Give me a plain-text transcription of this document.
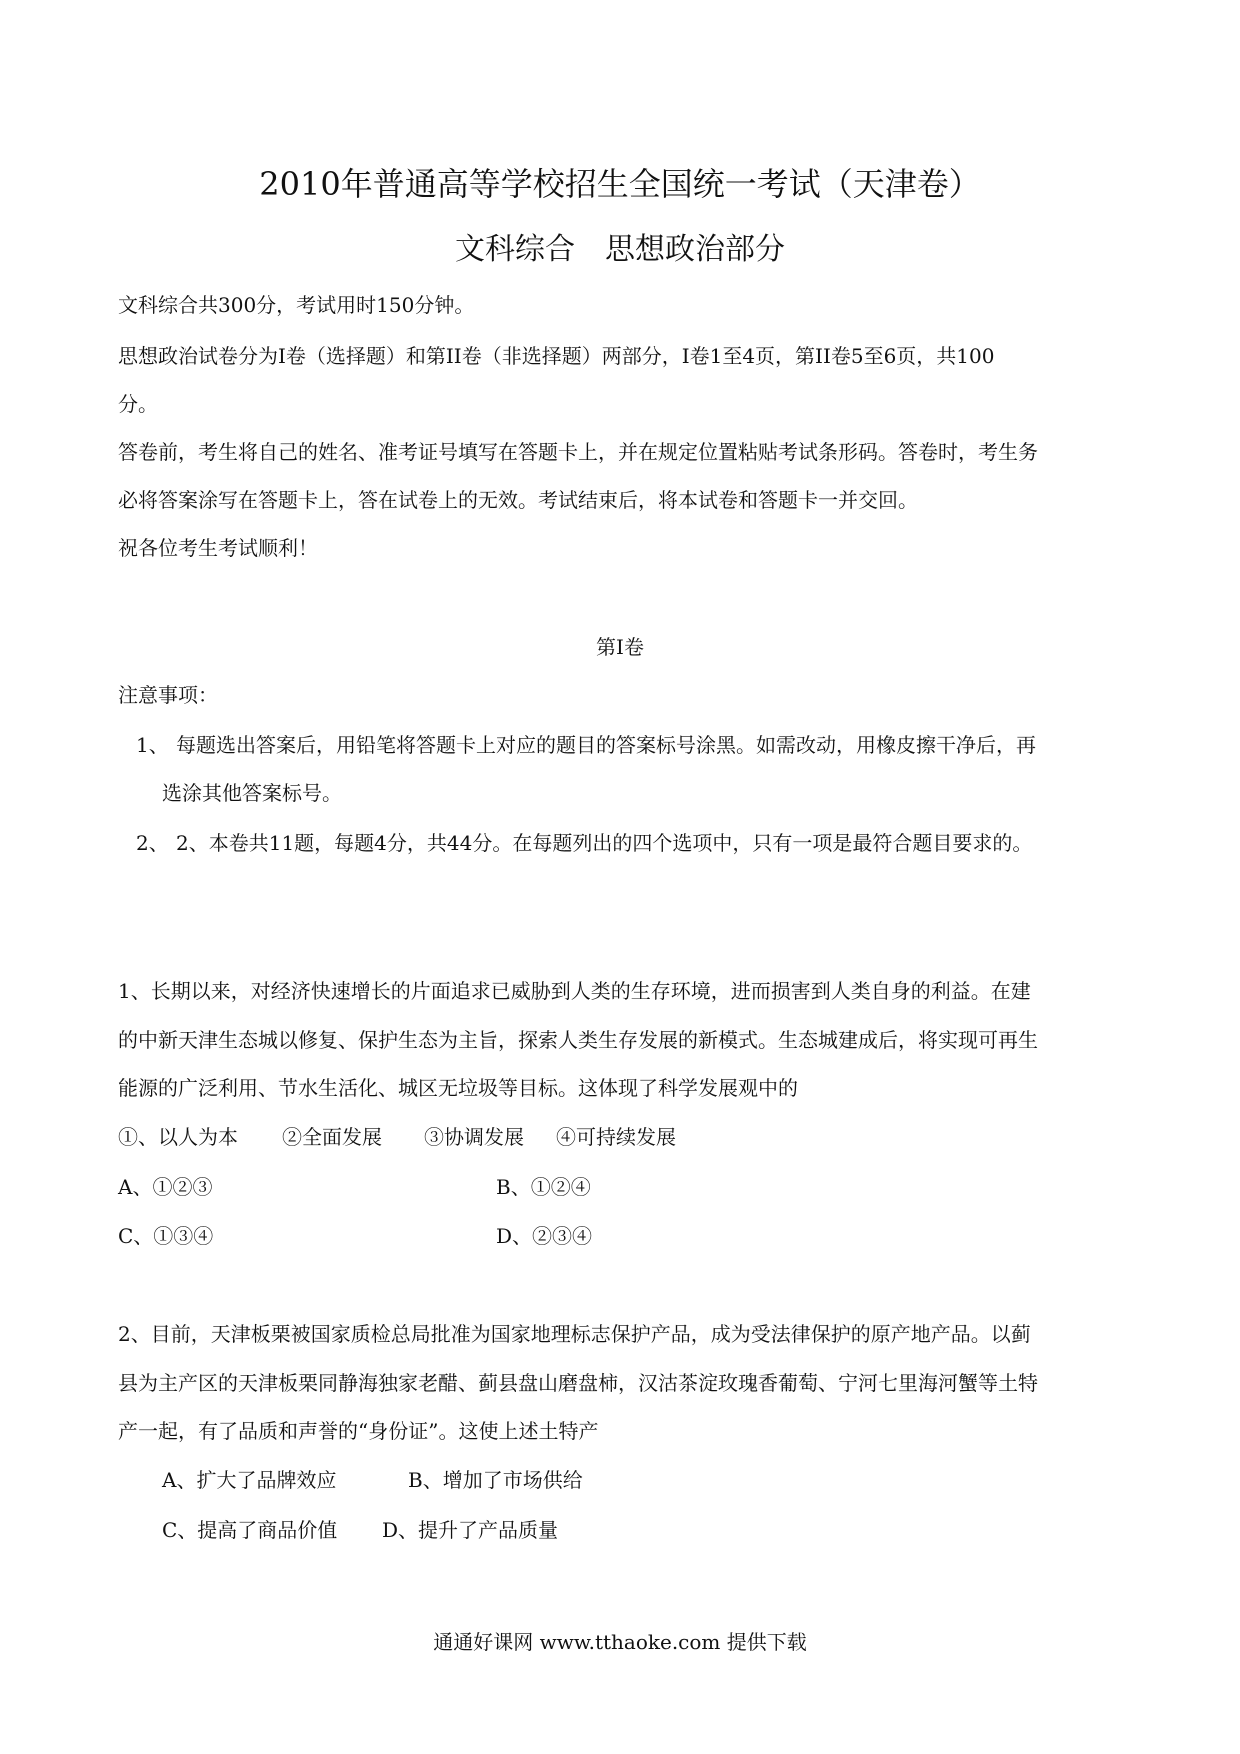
2010年普通高等学校招生全国统一考试（天津卷）
文科综合　思想政治部分
文科综合共300分，考试用时150分钟。
思想政治试卷分为I卷（选择题）和第II卷（非选择题）两部分，I卷1至4页，第II卷5至6页，共100
分。
答卷前，考生将自己的姓名、准考证号填写在答题卡上，并在规定位置粘贴考试条形码。答卷时，考生务
必将答案涂写在答题卡上，答在试卷上的无效。考试结束后，将本试卷和答题卡一并交回。
祝各位考生考试顺利！
第I卷
注意事项：
1、 每题选出答案后，用铅笔将答题卡上对应的题目的答案标号涂黑。如需改动，用橡皮擦干净后，再
选涂其他答案标号。
2、 2、本卷共11题，每题4分，共44分。在每题列出的四个选项中，只有一项是最符合题目要求的。
1、长期以来，对经济快速增长的片面追求已威胁到人类的生存环境，进而损害到人类自身的利益。在建
的中新天津生态城以修复、保护生态为主旨，探索人类生存发展的新模式。生态城建成后，将实现可再生
能源的广泛利用、节水生活化、城区无垃圾等目标。这体现了科学发展观中的
①、以人为本 ②全面发展 ③协调发展 ④可持续发展
A、①②③	B、①②④
C、①③④	D、②③④
2、目前，天津板栗被国家质检总局批准为国家地理标志保护产品，成为受法律保护的原产地产品。以蓟
县为主产区的天津板栗同静海独家老醋、蓟县盘山磨盘柿，汉沽茶淀玫瑰香葡萄、宁河七里海河蟹等土特
产一起，有了品质和声誉的“身份证”。这使上述土特产
A、扩大了品牌效应	B、增加了市场供给
C、提高了商品价值 D、提升了产品质量
通通好课网 www.tthaoke.com 提供下载
